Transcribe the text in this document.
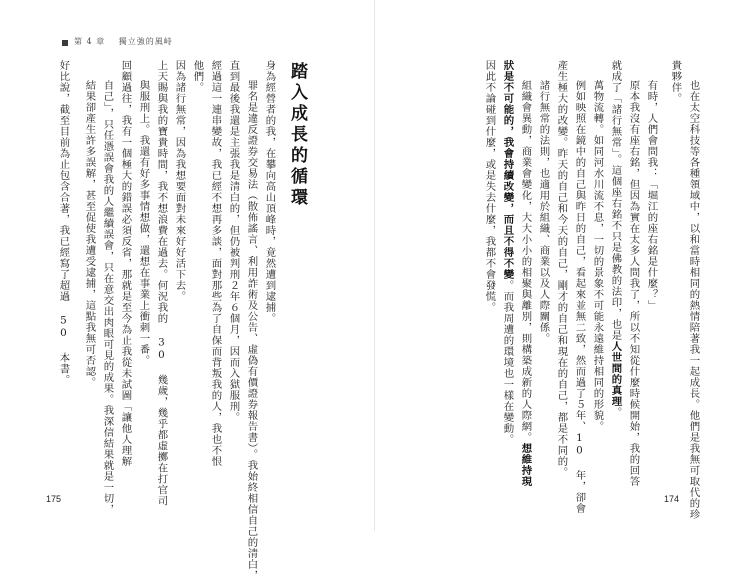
第 4 章 獨立強的風峙
踏入成長的循環
身為經營者的我，在攀向高山頂峰時，竟然遭到逮捕。
罪名是違反證券交易法（散佈謠言、利用詐術及公告、虛偽有價證券報告書）。我始終相信自己的清白，
直到最後我還是主張我是清白的，但仍被判刑２年６個月，因而入獄服刑。
經過這一連串變故，我已經不想再多談，面對那些為了自保而背叛我的人，我也不恨
他們。
因為諸行無常，因為我想要面對未來好好活下去。
上天賜與我的寶貴時間，我不想浪費在過去。何況我的 30 幾歲，幾乎都虛擲在打官司
與服刑上。我還有好多事情想做，還想在事業上衝刺一番。
回顧過往，我有一個極大的錯誤必須反省，那就是至今為止我從未試圖「讓他人理解
自己」，只任憑誤會我的人繼續誤會，只在意交出肉眼可見的成果。我深信結果就是一切，
結果卻產生許多誤解，甚至促使我遭受逮捕，這點我無可否認。
好比說，截至目前為止包含合著，我已經寫了超過 50 本書。
175	也在太空科技等各種領域中，以和當時相同的熱情陪著我一起成長。他們是我無可取代的珍
貴夥伴。
有時，人們會問我：「堀江的座右銘是什麼？」
原本我沒有座右銘，但因為實在太多人問我了，所以不知從什麼時候開始，我的回答
就成了「諸行無常」。這個座右銘不只是佛教的法印，也是人世間的真理。
萬物流轉。如同河水川流不息，一切的景象不可能永遠維持相同的形貌。
例如映照在鏡中的自己與昨日的自己，看起來並無二致，然而過了５年、10 年，卻會
產生極大的改變。昨天的自己和今天的自己，剛才的自己和現在的自己，都是不同的。
諸行無常的法則，也適用於組織、商業以及人際關係。
組織會異動，商業會變化，大大小小的相聚與離別，則構築成新的人際網。想維持現
狀是不可能的，我會持續改變，而且不得不變。而我周遭的環境也一樣在變動。
因此不論碰到什麼，或是失去什麼，我都不會發慌。
174
